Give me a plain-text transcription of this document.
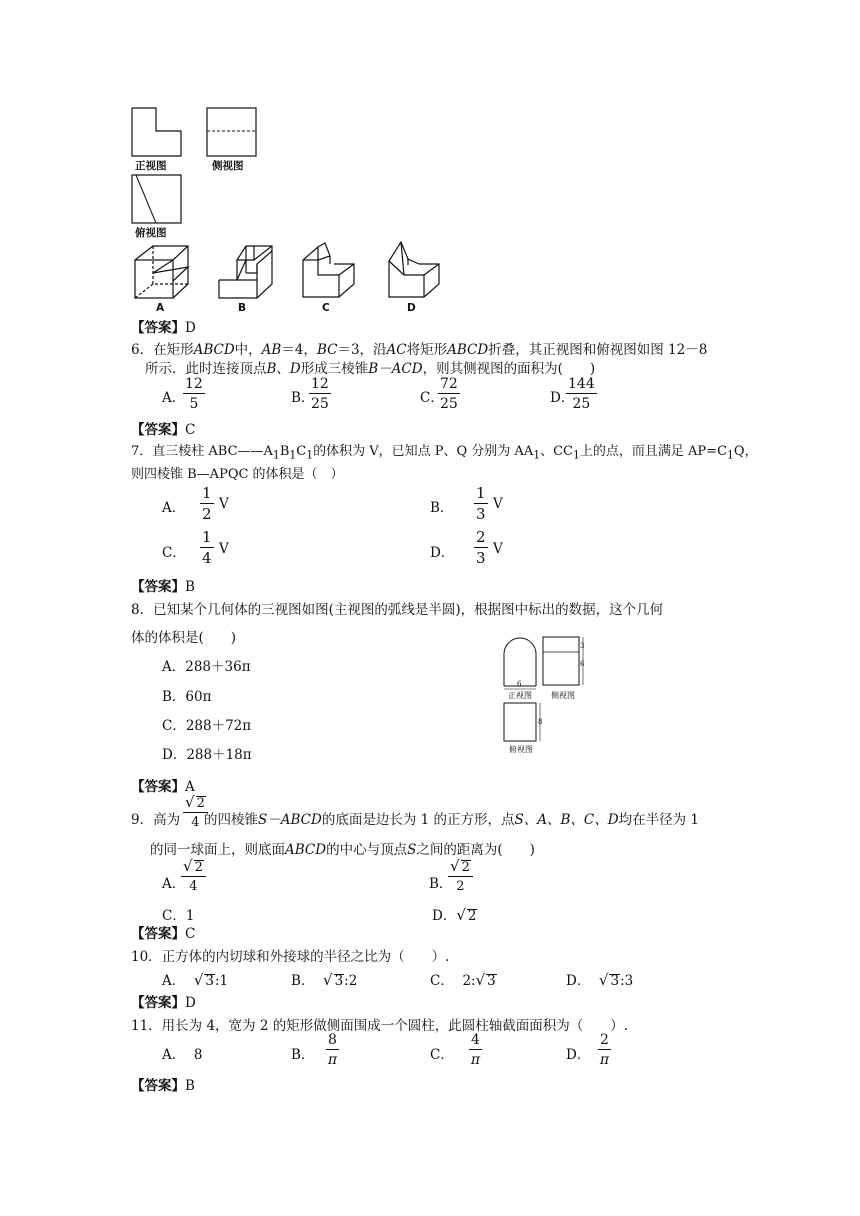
正视图	侧视图
俯视图
A	B	C	D
【答案】D
6．在矩形ABCD中，AB＝4，BC＝3，沿AC将矩形ABCD折叠，其正视图和俯视图如图 12－8
所示．此时连接顶点B、D形成三棱锥B－ACD，则其侧视图的面积为(　　)
A．
$\frac{12}{5}$	B．
$\frac{12}{25}$	C．
$\frac{72}{25}$	D．
$\frac{144}{25}$
【答案】C
7．直三棱柱 $ABC——A_1B_1C_1$的体积为 V，已知点 P、Q 分别为 $AA_1$、$CC_1$上的点，而且满足 $AP=C_1Q$，
则四棱锥 B—APQC 的体积是（　）
A． $\frac{1}{2}$ V	B． $\frac{1}{3}$ V
C． $\frac{1}{4}$ V	D． $\frac{2}{3}$ V
【答案】B
8．已知某个几何体的三视图如图(主视图的弧线是半圆)，根据图中标出的数据，这个几何
体的体积是(　　)
A．288＋36π
B．60π
C．288＋72π
D．288＋18π
6
正视图
3
6
侧视图
8
俯视图
【答案】A
9．高为 $\frac{√ 2}{4}$
的四棱锥S－ABCD的底面是边长为 1 的正方形，点S、A、B、C、D均在半径为 1
的同一球面上，则底面ABCD的中心与顶点S之间的距离为(　　)
A．
$\frac{√ 2}{4}$	B．
$\frac{√ 2}{2}$
C．1	D．√ 2
【答案】C
10．正方体的内切球和外接球的半径之比为（　　）.
A． √ 3:1	B． √ 3:2	C． 2:√ 3	D． √ 3:3
【答案】D
11．用长为 4，宽为 2 的矩形做侧面围成一个圆柱，此圆柱轴截面面积为（　　）.
A． 8	B． $\frac{8}{\pi}$	C． $\frac{4}{\pi}$	D． $\frac{2}{\pi}$
【答案】B
